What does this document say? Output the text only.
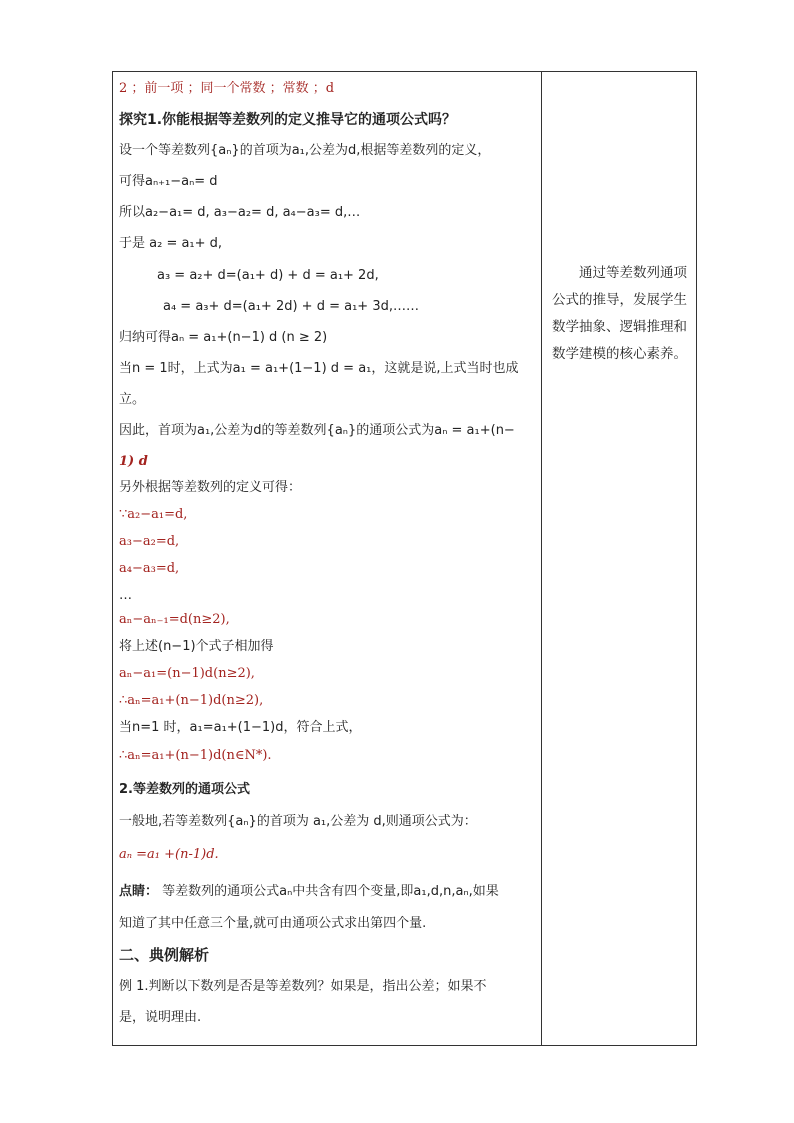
2 ；前一项 ；同一个常数 ；常数 ；d
探究1.你能根据等差数列的定义推导它的通项公式吗？
设一个等差数列{aₙ}的首项为a₁,公差为d,根据等差数列的定义，
可得aₙ₊₁−aₙ= d
所以a₂−a₁= d, a₃−a₂= d, a₄−a₃= d,…
于是 a₂ = a₁+ d,
a₃ = a₂+ d=(a₁+ d) + d = a₁+ 2d,
a₄ = a₃+ d=(a₁+ 2d) + d = a₁+ 3d,……
归纳可得aₙ = a₁+(n−1) d (n ≥ 2)
当n = 1时，上式为a₁ = a₁+(1−1) d = a₁，这就是说,上式当时也成
立。
因此，首项为a₁,公差为d的等差数列{aₙ}的通项公式为aₙ = a₁+(n−
1) d
另外根据等差数列的定义可得：
∵a₂−a₁=d,
a₃−a₂=d,
a₄−a₃=d,
…
aₙ−aₙ₋₁=d(n≥2),
将上述(n−1)个式子相加得
aₙ−a₁=(n−1)d(n≥2),
∴aₙ=a₁+(n−1)d(n≥2),
当n=1 时，a₁=a₁+(1−1)d，符合上式，
∴aₙ=a₁+(n−1)d(n∈N*).
2.等差数列的通项公式
一般地,若等差数列{aₙ}的首项为 a₁,公差为 d,则通项公式为：
aₙ =a₁ +(n-1)d.
点睛： 等差数列的通项公式aₙ中共含有四个变量,即a₁,d,n,aₙ,如果
知道了其中任意三个量,就可由通项公式求出第四个量.
二、典例解析
例 1.判断以下数列是否是等差数列？如果是，指出公差；如果不
是，说明理由.
通过等差数列通项公式的推导，发展学生数学抽象、逻辑推理和数学建模的核心素养。
